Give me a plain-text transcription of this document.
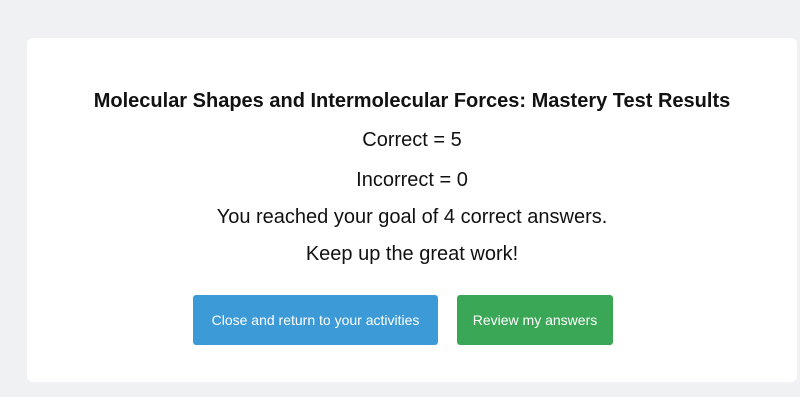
Molecular Shapes and Intermolecular Forces: Mastery Test Results
Correct = 5
Incorrect = 0
You reached your goal of 4 correct answers.
Keep up the great work!
Close and return to your activities	Review my answers
